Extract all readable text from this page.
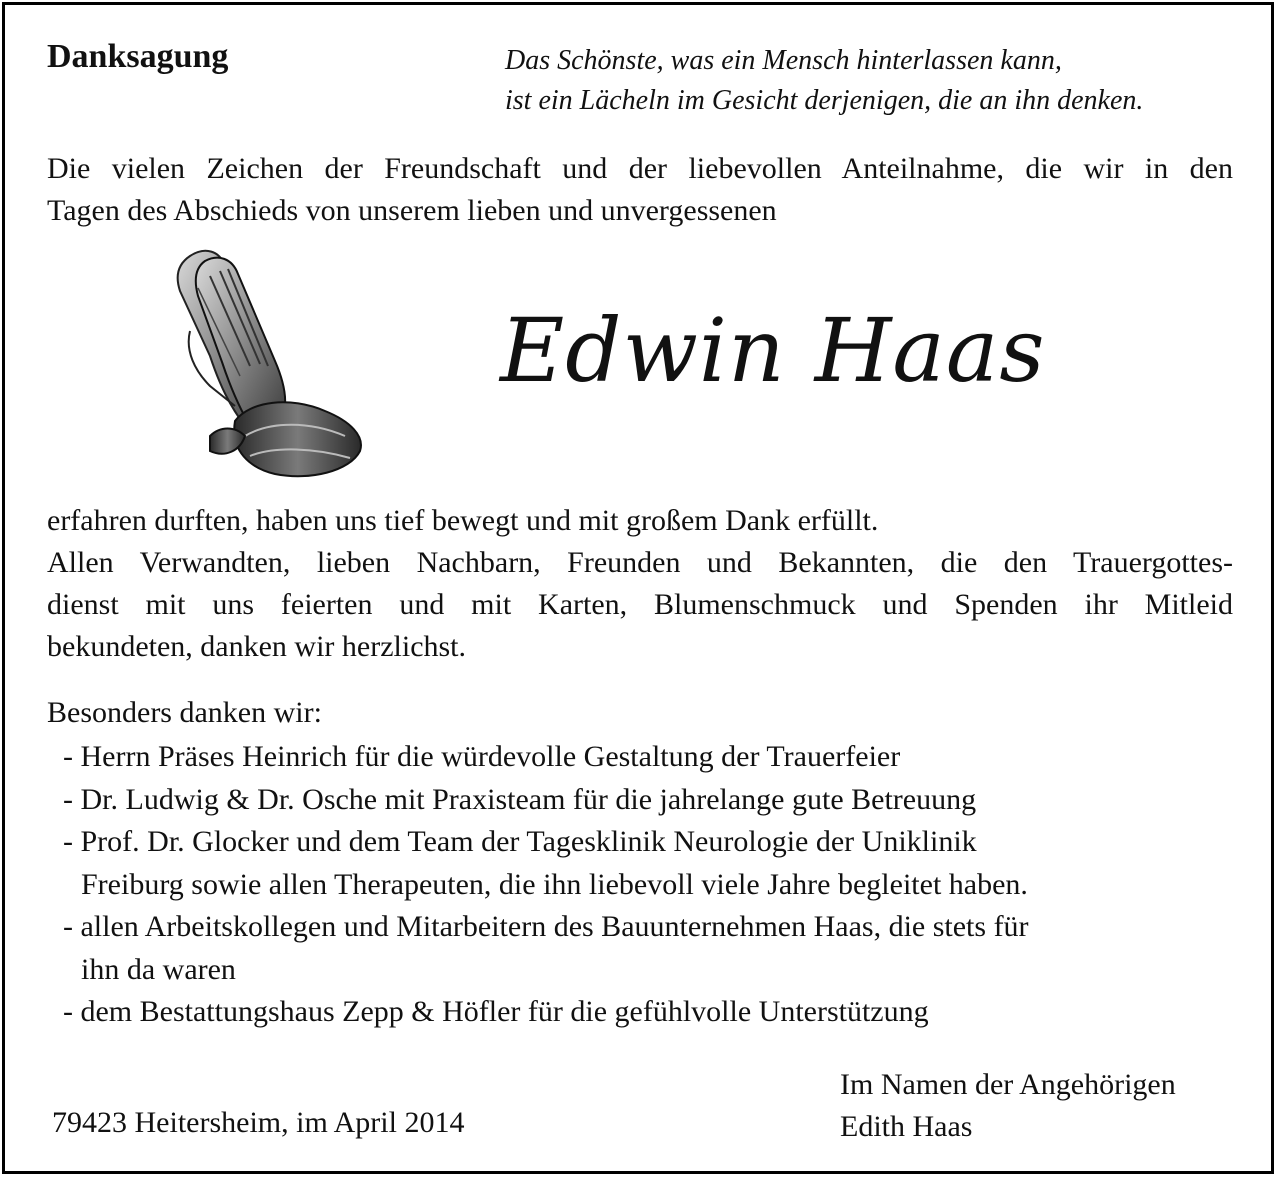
Danksagung	Das Schönste, was ein Mensch hinterlassen kann,
ist ein Lächeln im Gesicht derjenigen, die an ihn denken.
Die vielen Zeichen der Freundschaft und der liebevollen Anteilnahme, die wir in den
Tagen des Abschieds von unserem lieben und unvergessenen
Edwin Haas
erfahren durften, haben uns tief bewegt und mit großem Dank erfüllt.
Allen Verwandten, lieben Nachbarn, Freunden und Bekannten, die den Trauergottes-
dienst mit uns feierten und mit Karten, Blumenschmuck und Spenden ihr Mitleid
bekundeten, danken wir herzlichst.
Besonders danken wir:
- Herrn Präses Heinrich für die würdevolle Gestaltung der Trauerfeier
- Dr. Ludwig & Dr. Osche mit Praxisteam für die jahrelange gute Betreuung
- Prof. Dr. Glocker und dem Team der Tagesklinik Neurologie der Uniklinik
Freiburg sowie allen Therapeuten, die ihn liebevoll viele Jahre begleitet haben.
- allen Arbeitskollegen und Mitarbeitern des Bauunternehmen Haas, die stets für
ihn da waren
- dem Bestattungshaus Zepp & Höfler für die gefühlvolle Unterstützung
79423 Heitersheim, im April 2014
Im Namen der Angehörigen
Edith Haas
